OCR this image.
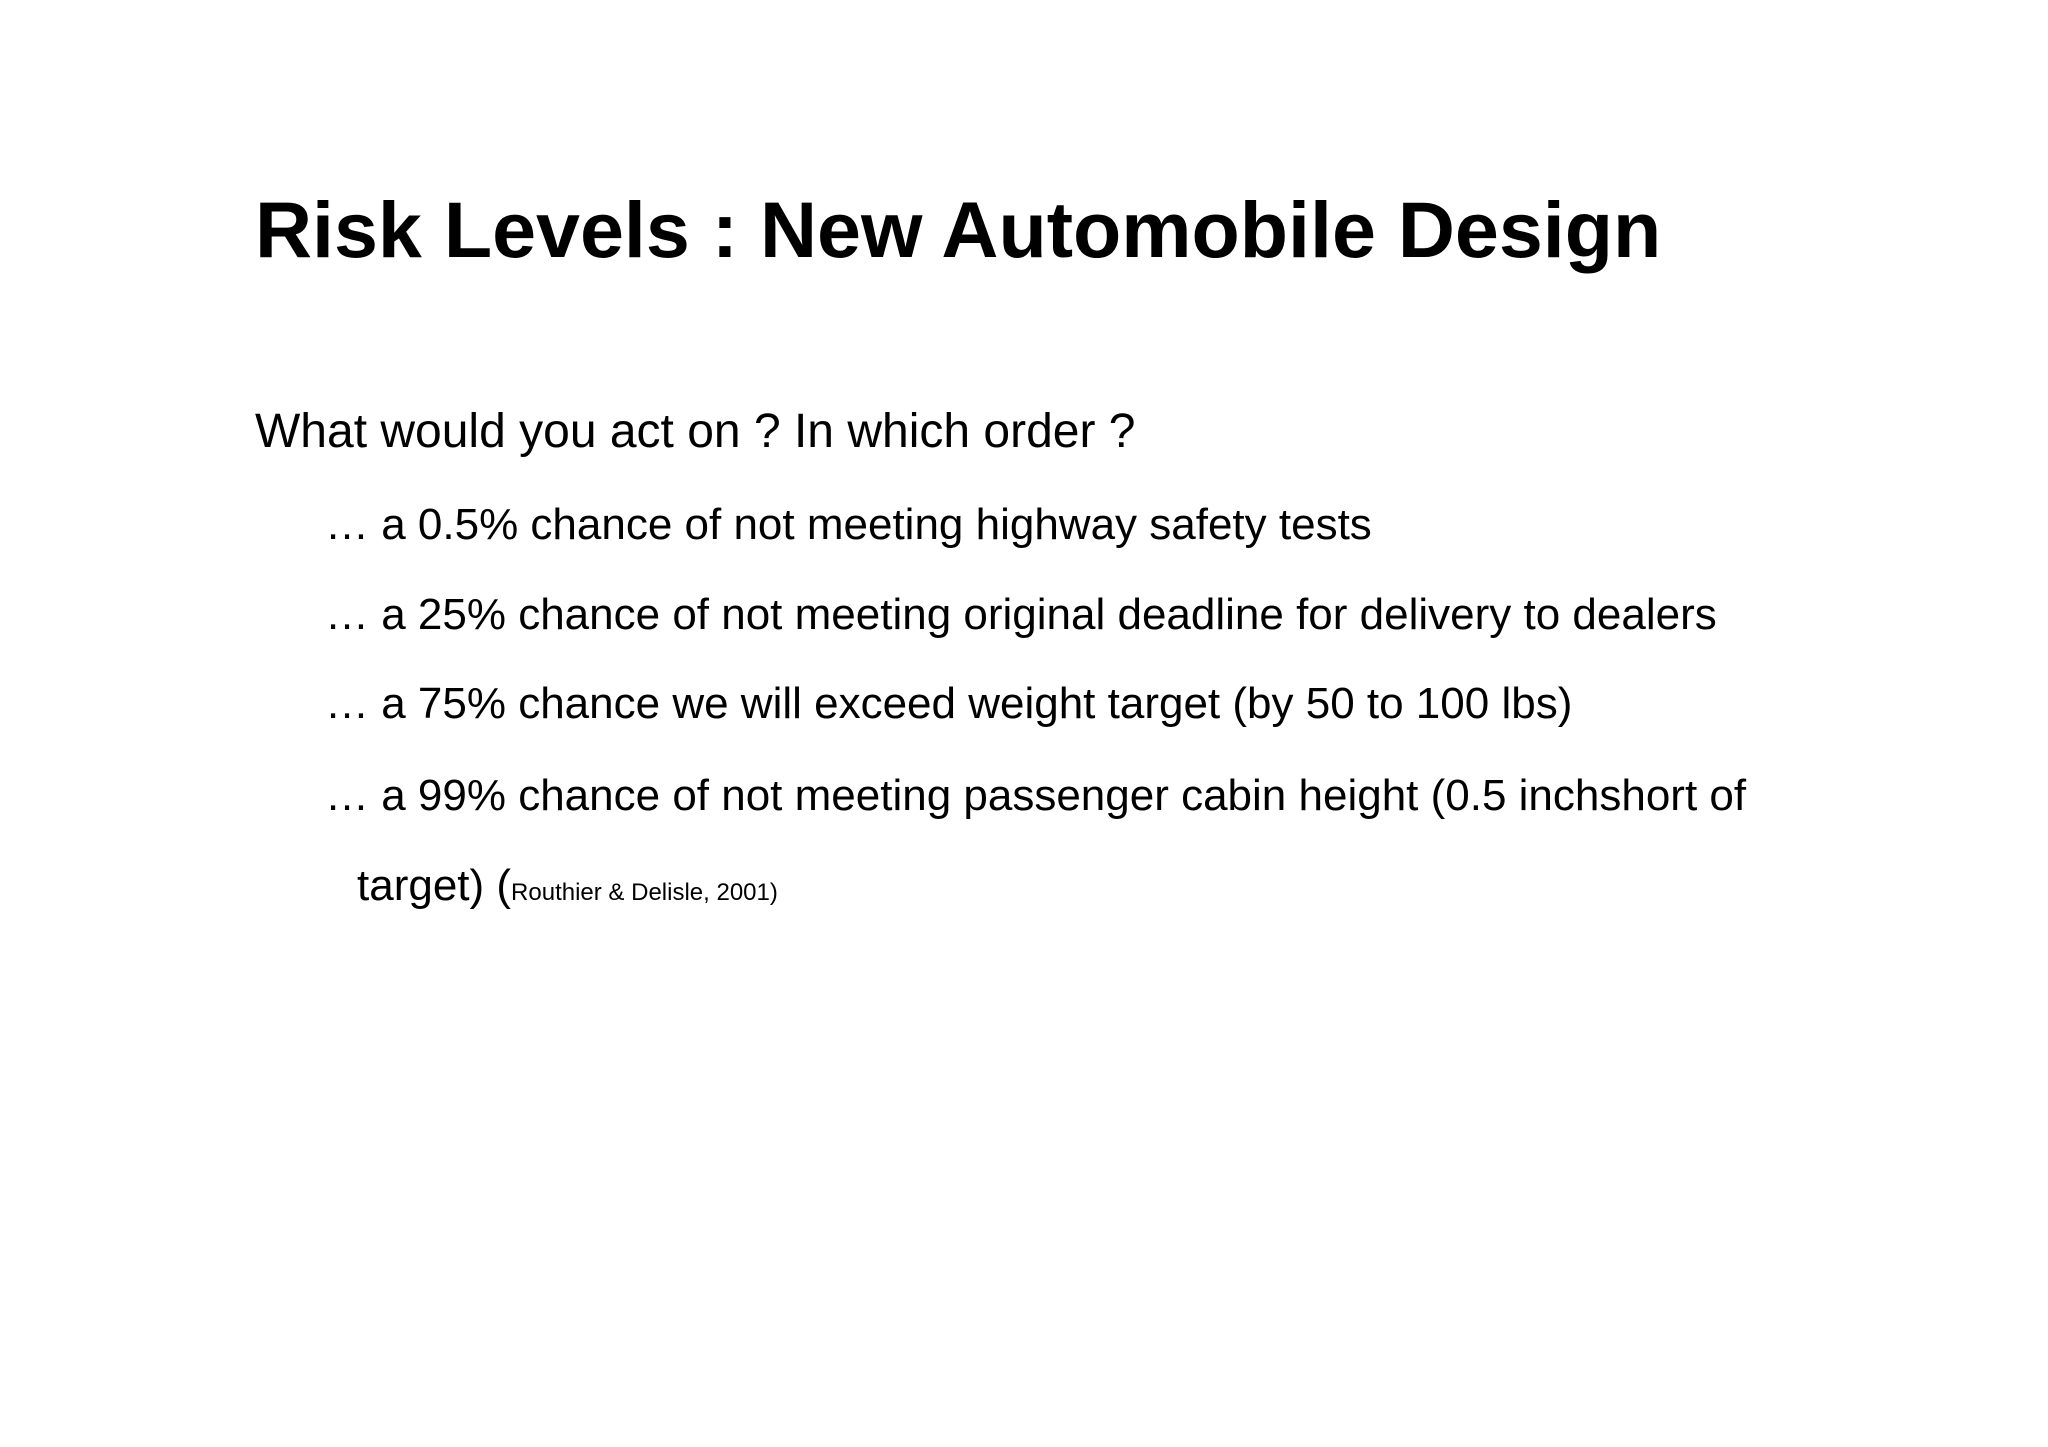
Risk Levels : New Automobile Design

What would you act on ? In which order ?

… a 0.5% chance of not meeting highway safety tests
… a 25% chance of not meeting original deadline for delivery to dealers
… a 75% chance we will exceed weight target (by 50 to 100 lbs)
… a 99% chance of not meeting passenger cabin height (0.5 inchshort of
target) (Routhier & Delisle, 2001)
